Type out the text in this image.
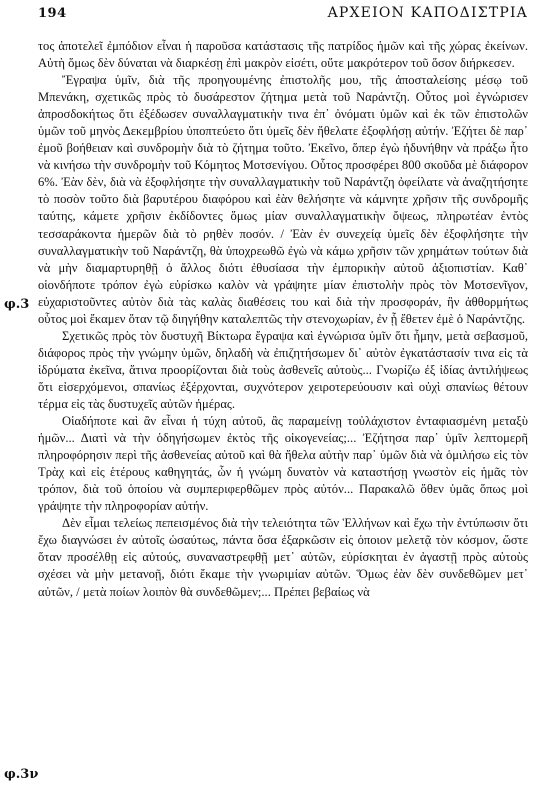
194	ΑΡΧΕΙΟΝ ΚΑΠΟΔΙΣΤΡΙΑ
φ.3
φ.3ν

τος ἀποτελεῖ ἐμπόδιον εἶναι ἡ παροῦσα κατάστασις τῆς πατρίδος ἡμῶν καὶ τῆς χώρας ἐκείνων. Αὐτὴ ὅμως δὲν δύναται νὰ διαρκέσῃ ἐπὶ μακρὸν εἰσέτι, οὔτε μακρότερον τοῦ ὅσον διήρκεσεν.

Ἔγραψα ὑμῖν, διὰ τῆς προηγουμένης ἐπιστολῆς μου, τῆς ἀποσταλείσης μέσῳ τοῦ Μπενάκη, σχετικῶς πρὸς τὸ δυσάρεστον ζήτημα μετὰ τοῦ Ναράντζη. Οὗτος μοὶ ἐγνώρισεν ἀπροσδοκήτως ὅτι ἐξέδωσεν συναλλαγματικὴν τινα ἐπ᾿ ὀνόματι ὑμῶν καὶ ἐκ τῶν ἐπιστολῶν ὑμῶν τοῦ μηνὸς Δεκεμβρίου ὑποπτεύετο ὅτι ὑμεῖς δὲν ἤθελατε ἐξοφλήσῃ αὐτήν. Ἐζήτει δὲ παρ᾿ ἐμοῦ βοήθειαν καὶ συνδρομὴν διὰ τὸ ζήτημα τοῦτο. Ἐκεῖνο, ὅπερ ἐγὼ ἠδυνήθην νὰ πράξω ἦτο νὰ κινήσω τὴν συνδρομὴν τοῦ Κόμητος Μοτσενίγου. Οὗτος προσφέρει 800 σκοῦδα μὲ διάφορον 6%. Ἐὰν δὲν, διὰ νὰ ἐξοφλήσητε τὴν συναλλαγματικὴν τοῦ Ναράντζη ὀφείλατε νὰ ἀναζητήσητε τὸ ποσὸν τοῦτο διὰ βαρυτέρου διαφόρου καὶ ἐὰν θελήσητε νὰ κάμνητε χρῆσιν τῆς συνδρομῆς ταύτης, κάμετε χρῆσιν ἐκδίδοντες ὅμως μίαν συναλλαγματικὴν ὄψεως, πληρωτέαν ἐντὸς τεσσαράκοντα ἡμερῶν διὰ τὸ ρηθὲν ποσόν. / Ἐὰν ἐν συνεχείᾳ ὑμεῖς δὲν ἐξοφλήσητε τὴν συναλλαγματικὴν τοῦ Ναράντζη, θὰ ὑποχρεωθῶ ἐγὼ νὰ κάμω χρῆσιν τῶν χρημάτων τούτων διὰ νὰ μὴν διαμαρτυρηθῇ ὁ ἄλλος διότι ἐθυσίασα τὴν ἐμπορικὴν αὐτοῦ ἀξιοπιστίαν. Καθ᾿ οἱονδήποτε τρόπον ἐγὼ εὑρίσκω καλὸν νὰ γράψητε μίαν ἐπιστολὴν πρὸς τὸν Μοτσενῖγον, εὐχαριστοῦντες αὐτὸν διὰ τὰς καλὰς διαθέσεις του καὶ διὰ τὴν προσφοράν, ἣν ἀθθορμήτως οὗτος μοὶ ἔκαμεν ὅταν τῷ διηγήθην καταλεπτῶς τὴν στενοχωρίαν, ἐν ᾗ ἔθετεν ἐμὲ ὁ Ναράντζης.

Σχετικῶς πρὸς τὸν δυστυχῆ Βίκτωρα ἔγραψα καὶ ἐγνώρισα ὑμῖν ὅτι ἦμην, μετὰ σεβασμοῦ, διάφορος πρὸς τὴν γνώμην ὑμῶν, δηλαδὴ νὰ ἐπιζητήσωμεν δι᾿ αὐτὸν ἐγκατάστασίν τινα εἰς τὰ ἱδρύματα ἐκεῖνα, ἅτινα προορίζονται διὰ τοὺς ἀσθενεῖς αὐτοὺς... Γνωρίζω ἐξ ἰδίας ἀντιλήψεως ὅτι εἰσερχόμενοι, σπανίως ἐξέρχονται, συχνότερον χειροτερεύουσιν καὶ οὐχὶ σπανίως θέτουν τέρμα εἰς τὰς δυστυχεῖς αὐτῶν ἡμέρας.

Οἱαδήποτε καὶ ἂν εἶναι ἡ τύχη αὐτοῦ, ἂς παραμείνῃ τοὐλάχιστον ἐνταφιασμένη μεταξὺ ἡμῶν... Διατὶ νὰ τὴν ὁδηγήσωμεν ἐκτὸς τῆς οἰκογενείας;... Ἐζήτησα παρ᾿ ὑμῖν λεπτομερῆ πληροφόρησιν περὶ τῆς ἀσθενείας αὐτοῦ καὶ θὰ ἤθελα αὐτὴν παρ᾿ ὑμῶν διὰ νὰ ὁμιλήσω εἰς τὸν Τρὰχ καὶ εἰς ἑτέρους καθηγητάς, ὧν ἡ γνώμη δυνατὸν νὰ καταστήσῃ γνωστὸν εἰς ἡμᾶς τὸν τρόπον, διὰ τοῦ ὁποίου νὰ συμπεριφερθῶμεν πρὸς αὐτόν... Παρακαλῶ ὅθεν ὑμᾶς ὅπως μοὶ γράψητε τὴν πληροφορίαν αὐτήν.

Δὲν εἶμαι τελείως πεπεισμένος διὰ τὴν τελειότητα τῶν Ἑλλήνων καὶ ἔχω τὴν ἐντύπωσιν ὅτι ἔχω διαγνώσει ἐν αὐτοῖς ὡσαύτως, πάντα ὅσα ἐξαρκῶσιν εἰς ὁποιον μελετᾷ τὸν κόσμον, ὥστε ὅταν προσέλθῃ εἰς αὐτούς, συναναστρεφθῇ μετ᾿ αὐτῶν, εὑρίσκηται ἐν ἀγαστῇ πρὸς αὐτοὺς σχέσει νὰ μὴν μετανοῇ, διότι ἔκαμε τὴν γνωριμίαν αὐτῶν. Ὅμως ἐὰν δὲν συνδεθῶμεν μετ᾿ αὐτῶν, / μετὰ ποίων λοιπὸν θὰ συνδεθῶμεν;... Πρέπει βεβαίως νὰ
